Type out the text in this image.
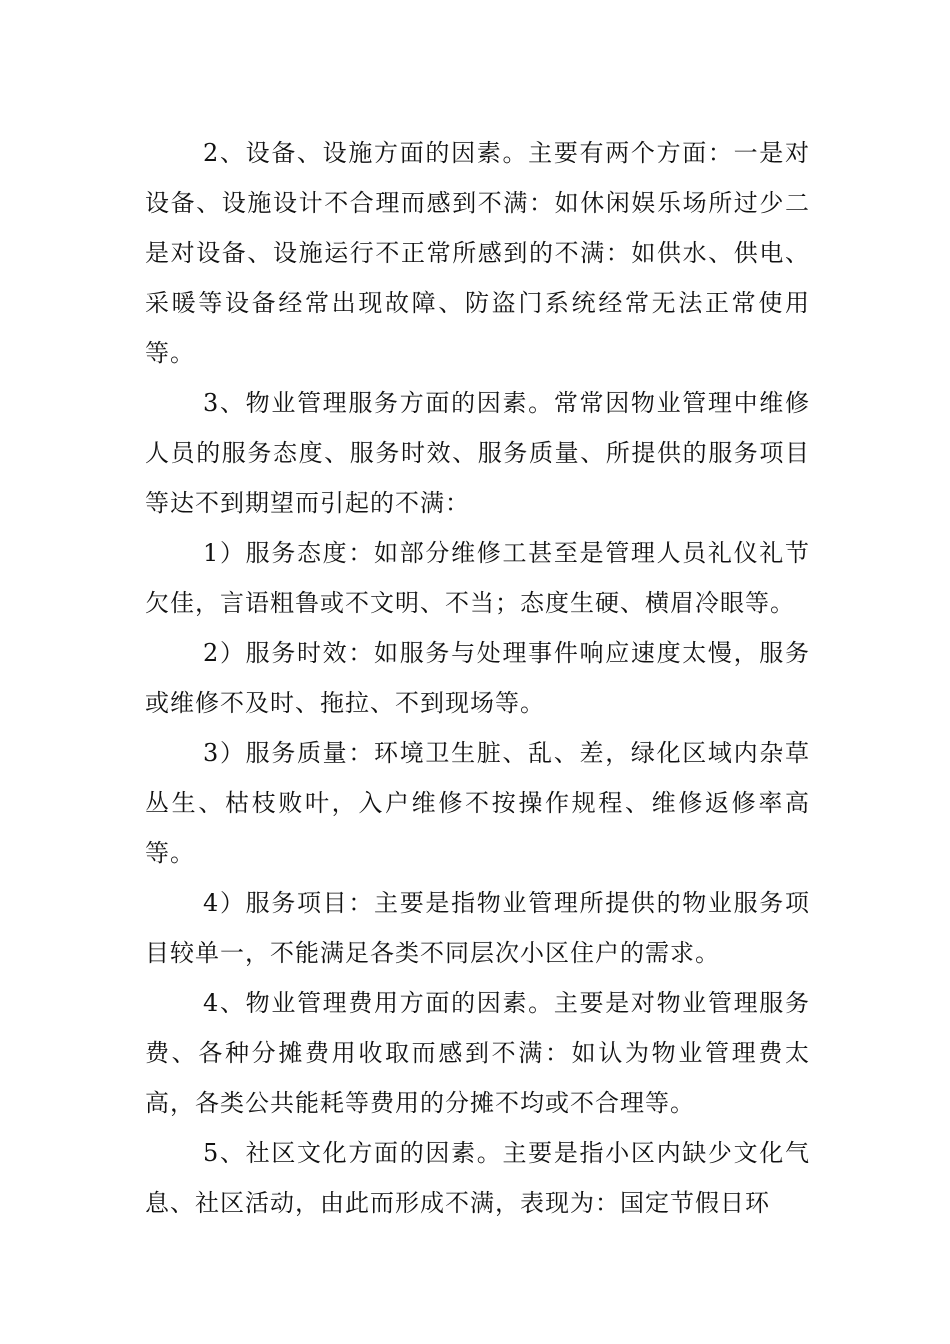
2、设备、设施方面的因素。主要有两个方面：一是对设备、设施设计不合理而感到不满：如休闲娱乐场所过少二是对设备、设施运行不正常所感到的不满：如供水、供电、采暖等设备经常出现故障、防盗门系统经常无法正常使用等。

3、物业管理服务方面的因素。常常因物业管理中维修人员的服务态度、服务时效、服务质量、所提供的服务项目等达不到期望而引起的不满：

1）服务态度：如部分维修工甚至是管理人员礼仪礼节欠佳，言语粗鲁或不文明、不当；态度生硬、横眉冷眼等。

2）服务时效：如服务与处理事件响应速度太慢，服务或维修不及时、拖拉、不到现场等。

3）服务质量：环境卫生脏、乱、差，绿化区域内杂草丛生、枯枝败叶，入户维修不按操作规程、维修返修率高等。

4）服务项目：主要是指物业管理所提供的物业服务项目较单一，不能满足各类不同层次小区住户的需求。

4、物业管理费用方面的因素。主要是对物业管理服务费、各种分摊费用收取而感到不满：如认为物业管理费太高，各类公共能耗等费用的分摊不均或不合理等。

5、社区文化方面的因素。主要是指小区内缺少文化气息、社区活动，由此而形成不满，表现为：国定节假日环
